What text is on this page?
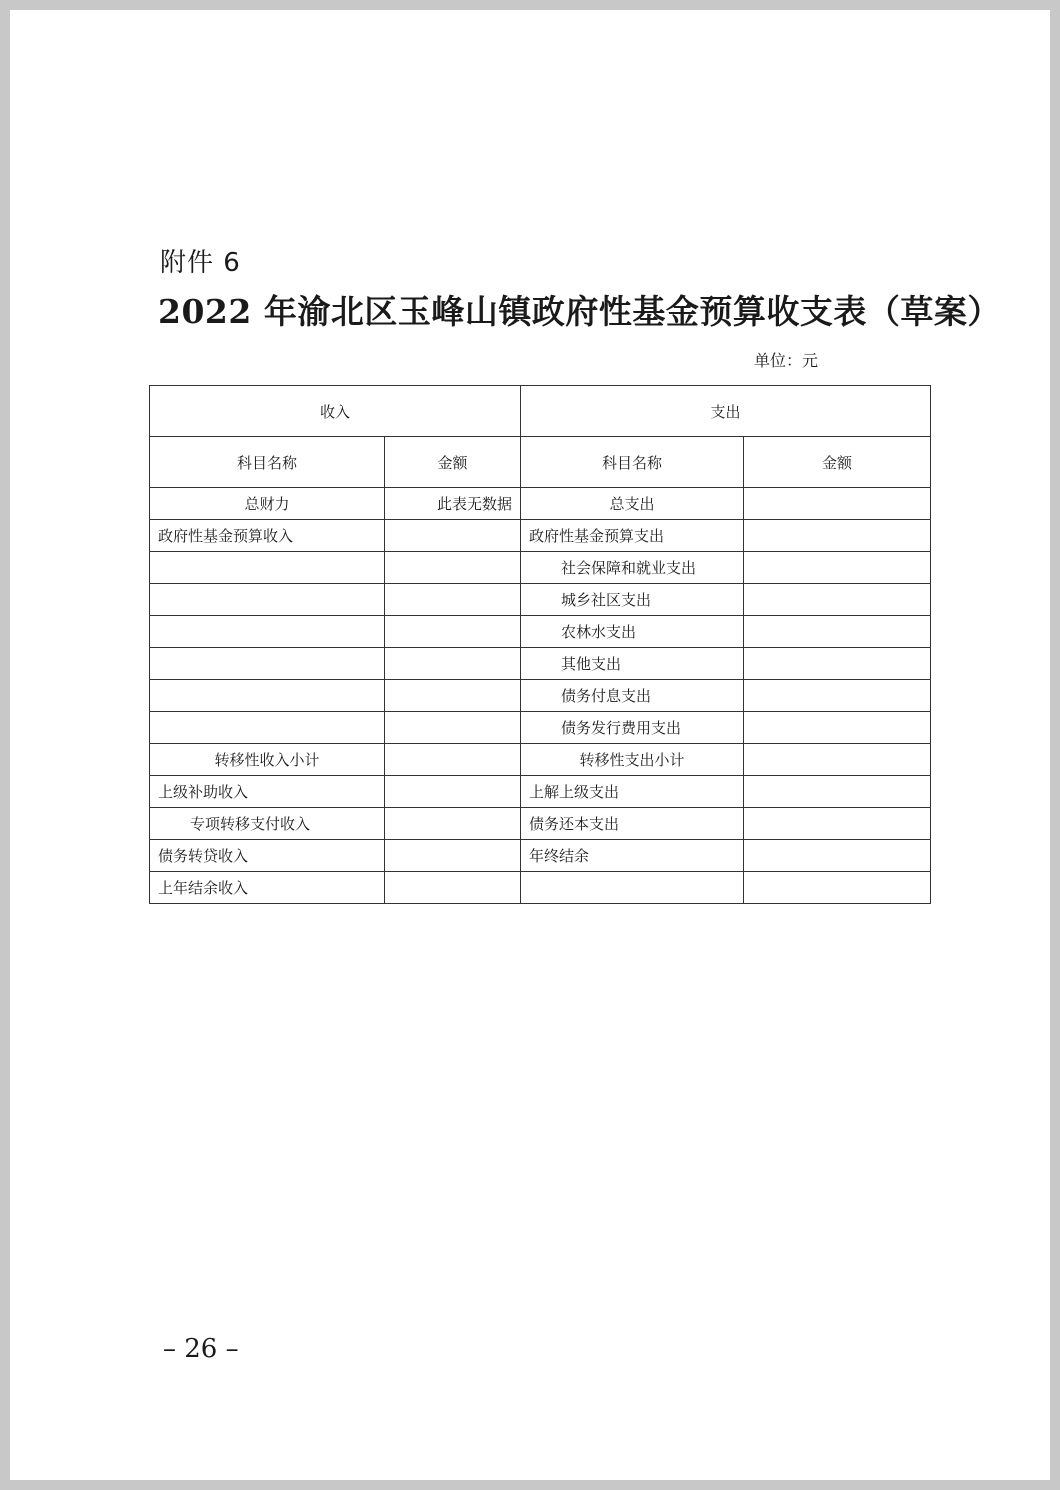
附件 6
2022 年渝北区玉峰山镇政府性基金预算收支表（草案）
单位：元
收入		支出	
科目名称	金额	科目名称	金额
总财力	此表无数据	总支出	
政府性基金预算收入		政府性基金预算支出	
		社会保障和就业支出	
		城乡社区支出	
		农林水支出	
		其他支出	
		债务付息支出	
		债务发行费用支出	
转移性收入小计		转移性支出小计	
上级补助收入		上解上级支出	
专项转移支付收入		债务还本支出	
债务转贷收入		年终结余	
上年结余收入			
– 26 –
